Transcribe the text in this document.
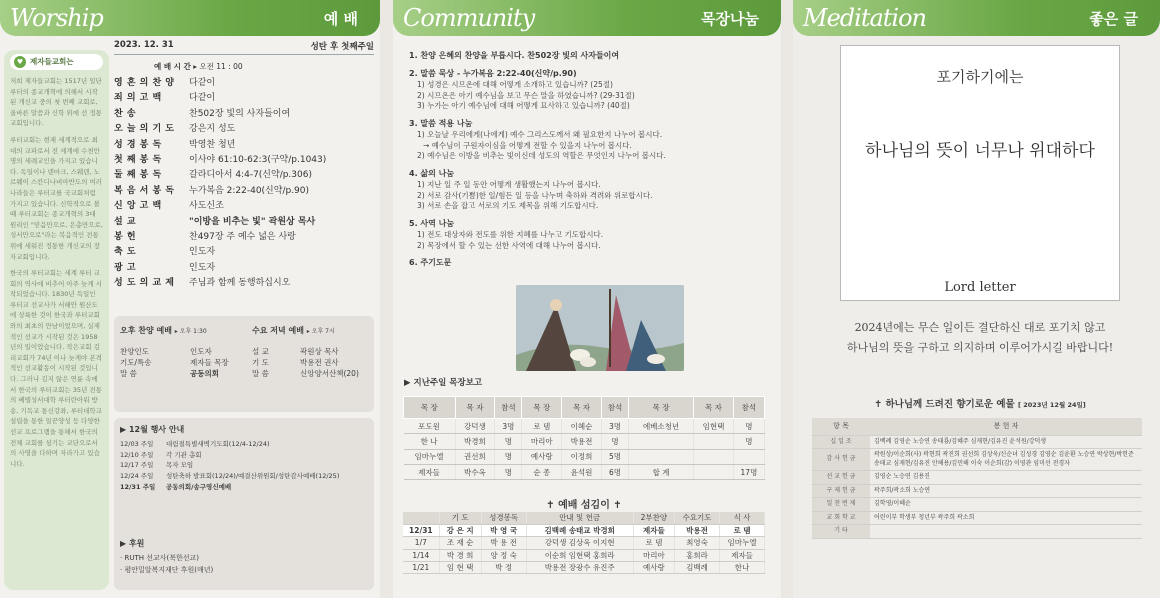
Worship	예 배
♥ 제자들교회는

저희 제자들교회는 1517년 일단 루터의 종교개혁에 의해서 시작된 개신교 중의 첫 번째 교회로, 올바른 말씀과 신학 위에 선 정통 교회입니다.

루터교회는 현재 세계적으로 최대의 교파로서 전 세계에 수천만명의 세례교인을 가지고 있습니다. 독일이나 덴마크, 스웨덴, 노르웨이 스칸디나비아반도의 여러 나라들은 루터교를 국교회처럼 가지고 있습니다. 신학적으로 볼 때 루터교회는 종교개혁의 3대 원리인 "믿음만으로, 은총만으로, 성서만으로"라는 복음적인 전통 위에 세워진 정통한 개신교의 장자교회입니다.

한국의 루터교회는 세계 루터 교회의 역사에 비추어 아주 늦게 시작되었습니다. 1830년 독일인 루터교 선교사가 서해안 원산도에 상륙한 것이 한국과 루터교회와의 최초의 만남이었으며, 실제적인 선교가 시작된 것은 1958년의 일이었습니다. 작은교회 김리교회가 74년 이나 늦게야 본격적인 선교활동이 시작된 것입니다. 그러나 김지 않은 연륜 속에서 한국의 루터교회는 35년 전통의 베델성서대학 루터란아워 방송, 기독교 통신강좌, 루터대학교 설립을 통한 일꾼양성 등 다양한 선교 프로그램을 통해서 한국의 전체 교회를 섬기는 교단으로서의 사명을 다하며 자라가고 있습니다.

2023. 12. 31	성탄 후 첫째주일
예 배 시 간 ▸ 오전 11 : 00
영 혼 의 찬 양	다같이
죄 의 고 백	다같이
찬 송	찬502장 빛의 사자들이여
오 늘 의 기 도	강은지 성도
성 경 봉 독	박영찬 청년
첫 째 봉 독	이사야 61:10-62:3(구약/p.1043)
둘 째 봉 독	갈라디아서 4:4-7(신약/p.306)
복 음 서 봉 독	누가복음 2:22-40(신약/p.90)
신 앙 고 백	사도신조
설 교	"이방을 비추는 빛" 곽원상 목사
봉 헌	찬497장 주 예수 넓은 사랑
축 도	인도자
광 고	인도자
성 도 의 교 제	주님과 함께 동행하십시오
오후 찬양 예배 ▸ 오후 1:30
찬양인도	인도자
기도/특송	제자들 목장
말 씀	공동의회
수요 저녁 예배 ▸ 오후 7시
설 교	곽원상 목사
기 도	박용전 권사
말 씀	신앙양서산책(20)
▶ 12월 행사 안내
12/03 주일	대림절특별새벽기도회(12/4-12/24)
12/10 주일	각 기관 총회
12/17 주일	목자 모임
12/24 주일	성탄축하 발표회(12/24)/예결산위원회/성탄감사예배(12/25)
12/31 주일	공동의회/송구영신예배
▶ 후원
· RUTH 선교사(북한선교)
· 평안밀알복지재단 후원(매년)
Community	목장나눔
1. 찬양 은혜의 찬양을 부릅시다. 찬502장 빛의 사자들이여
2. 말씀 묵상 - 누가복음 2:22-40(신약/p.90)
1) 성경은 시므온에 대해 어떻게 소개하고 있습니까? (25절)
2) 시므온은 아기 예수님을 보고 무슨 말을 하였습니까? (29-31절)
3) 누가는 아기 예수님에 대해 어떻게 묘사하고 있습니까? (40절)
3. 말씀 적용 나눔
1) 오늘날 우리에게(나에게) 예수 그리스도께서 왜 필요한지 나누어 봅시다.
→ 예수님이 구원자이심을 어떻게 전할 수 있을지 나누어 봅시다.
2) 예수님은 이방을 비추는 빛이신데 성도의 역할은 무엇인지 나누어 봅시다.
4. 삶의 나눔
1) 지난 일 주 일 동안 어떻게 생활했는지 나누어 봅시다.
2) 서로 감사(기쁨)한 일/힘든 일 등을 나누며 축하와 격려와 위로합시다.
3) 서로 손을 잡고 서로의 기도 제목을 위해 기도합시다.
5. 사역 나눔
1) 전도 대상자와 전도를 위한 지혜를 나누고 기도합시다.
2) 목장에서 할 수 있는 선한 사역에 대해 나누어 봅시다.
6. 주기도문
▶ 지난주일 목장보고
목 장	목 자	참석	목 장	목 자	참석	목 장	목 자	참석
포도원	강덕생	3명	로 뎀	이혜순	3명	에베소청년	임현택	명
한 나	박경희	명	마리아	박용전	명			명
임마누엘	권선희	명	예사랑	이정희	5명			
제자들	박수옥	명	순 종	윤석원	6명	합 계		17명
✝ 예배 섬김이 ✝
	기 도	성경봉독	안내 및 헌금	2부찬양	수요기도	식 사
12/31	강 은 지	박 영 국	김백례 송태교 박경희	제자들	박용전	로 뎀
1/7	조 재 순	박 용 전	강덕생 김상욱 이지현	로 뎀	최영숙	임마누엘
1/14	박 경 희	양 정 숙	이순희 임현택 홍희라	마리아	홍희라	제자들
1/21	임 현 택	박 정	박용전 장광수 유진주	예사랑	김백례	한나
Meditation	좋은 글
포기하기에는
하나님의 뜻이 너무나 위대하다
Lord letter
2024년에는 무슨 일이든 결단하신 대로 포기치 않고
하나님의 뜻을 구하고 의지하며 이루어가시길 바랍니다!
✝ 하나님께 드려진 향기로운 예물 [ 2023년 12월 24일]
항 목	봉 헌 자
십 일 조	김백례 김영순 노승연 송태룡/김혜주 심재현/김유진 윤석원/강덕생
감 사 헌 금	곽원상/이순희(사) 곽현희 곽진희 권선희 김상욱/신순녀 김성경 김영순 김윤환 노승연 박상현/박헌준 송태교 심재현/김유진 안해용/김민해 이숙 이순희(감) 이영관 임미선 전경자
선 교 헌 금	김영순 노승연 김용진
구 제 헌 금	곽주희/곽소희 노승연
일 천 번 제	김학영/이혜순
교 회 학 교	어린이부 학생부 청년부 곽주희 곽소희
기 타	
